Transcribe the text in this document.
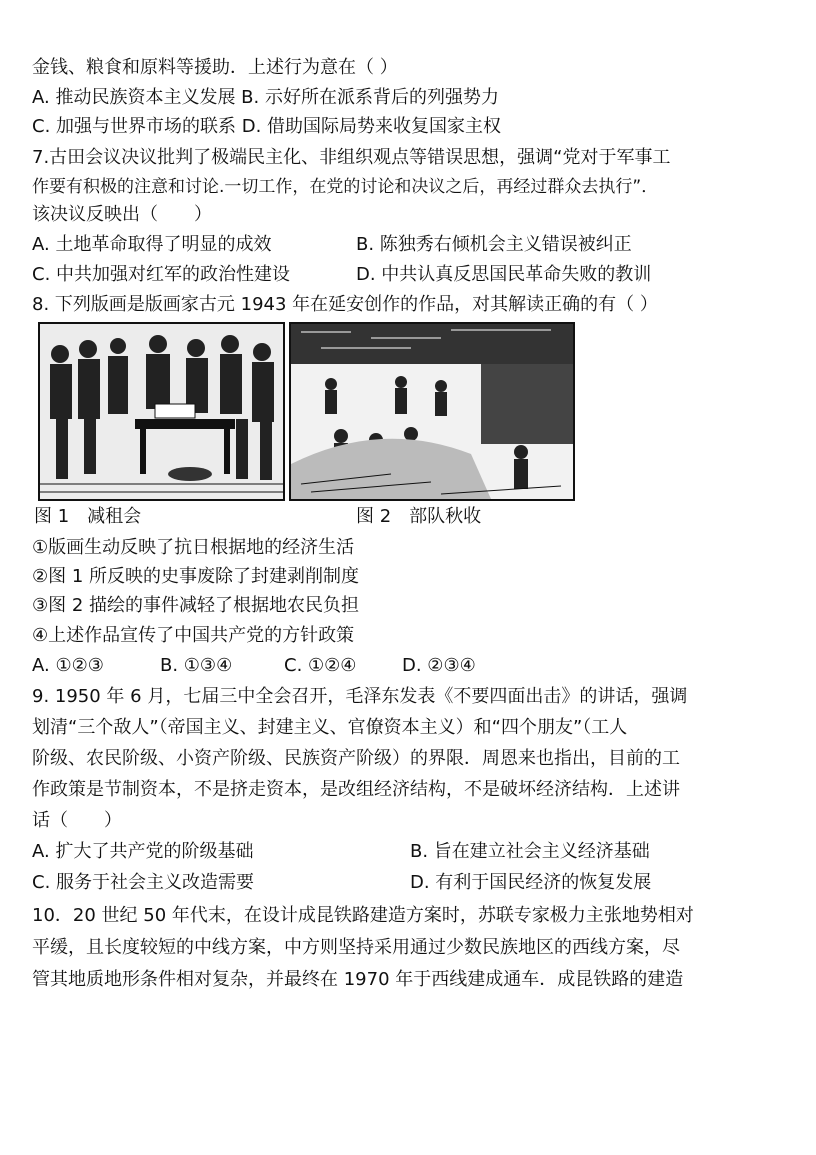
金钱、粮食和原料等援助．上述行为意在（ ）
A. 推动民族资本主义发展 B. 示好所在派系背后的列强势力
C. 加强与世界市场的联系 D. 借助国际局势来收复国家主权
7.古田会议决议批判了极端民主化、非组织观点等错误思想，强调“党对于军事工
作要有积极的注意和讨论.一切工作，在党的讨论和决议之后，再经过群众去执行”．
该决议反映出（　　）
A. 土地革命取得了明显的成效	B. 陈独秀右倾机会主义错误被纠正
C. 中共加强对红军的政治性建设	D. 中共认真反思国民革命失败的教训
8. 下列版画是版画家古元 1943 年在延安创作的作品，对其解读正确的有（ ）
图 1　减租会	图 2　部队秋收
①版画生动反映了抗日根据地的经济生活
②图 1 所反映的史事废除了封建剥削制度
③图 2 描绘的事件减轻了根据地农民负担
④上述作品宣传了中国共产党的方针政策
A. ①②③	B. ①③④	C. ①②④	D. ②③④
9. 1950 年 6 月，七届三中全会召开，毛泽东发表《不要四面出击》的讲话，强调
划清“三个敌人”（帝国主义、封建主义、官僚资本主义）和“四个朋友”（工人
阶级、农民阶级、小资产阶级、民族资产阶级）的界限．周恩来也指出，目前的工
作政策是节制资本，不是挤走资本，是改组经济结构，不是破坏经济结构．上述讲
话（　　）
A. 扩大了共产党的阶级基础	B. 旨在建立社会主义经济基础
C. 服务于社会主义改造需要	D. 有利于国民经济的恢复发展
10．20 世纪 50 年代末，在设计成昆铁路建造方案时，苏联专家极力主张地势相对
平缓，且长度较短的中线方案，中方则坚持采用通过少数民族地区的西线方案，尽
管其地质地形条件相对复杂，并最终在 1970 年于西线建成通车．成昆铁路的建造
